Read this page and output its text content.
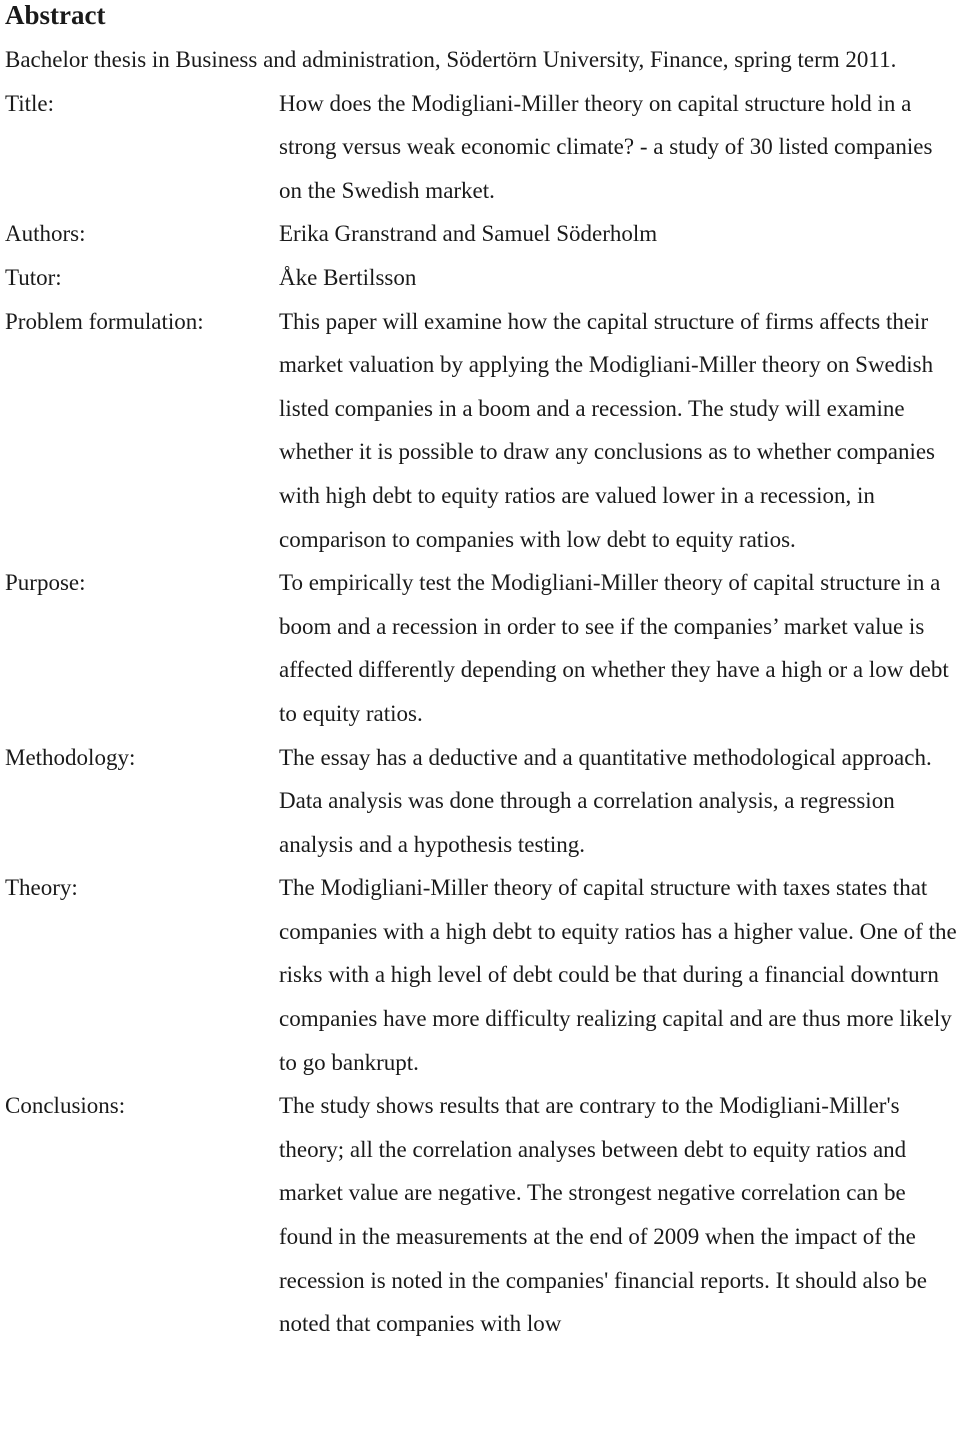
Abstract

Bachelor thesis in Business and administration, Södertörn University, Finance, spring term 2011.

Title:	How does the Modigliani-Miller theory on capital structure hold in a strong versus weak economic climate? - a study of 30 listed companies on the Swedish market.
Authors:	Erika Granstrand and Samuel Söderholm
Tutor:	Åke Bertilsson
Problem formulation:	This paper will examine how the capital structure of firms affects their market valuation by applying the Modigliani-Miller theory on Swedish listed companies in a boom and a recession. The study will examine whether it is possible to draw any conclusions as to whether companies with high debt to equity ratios are valued lower in a recession, in comparison to companies with low debt to equity ratios.
Purpose:	To empirically test the Modigliani-Miller theory of capital structure in a boom and a recession in order to see if the companies’ market value is affected differently depending on whether they have a high or a low debt to equity ratios.
Methodology:	The essay has a deductive and a quantitative methodological approach. Data analysis was done through a correlation analysis, a regression analysis and a hypothesis testing.
Theory:	The Modigliani-Miller theory of capital structure with taxes states that companies with a high debt to equity ratios has a higher value. One of the risks with a high level of debt could be that during a financial downturn companies have more difficulty realizing capital and are thus more likely to go bankrupt.
Conclusions:	The study shows results that are contrary to the Modigliani-Miller's theory; all the correlation analyses between debt to equity ratios and market value are negative. The strongest negative correlation can be found in the measurements at the end of 2009 when the impact of the recession is noted in the companies' financial reports. It should also be noted that companies with low
